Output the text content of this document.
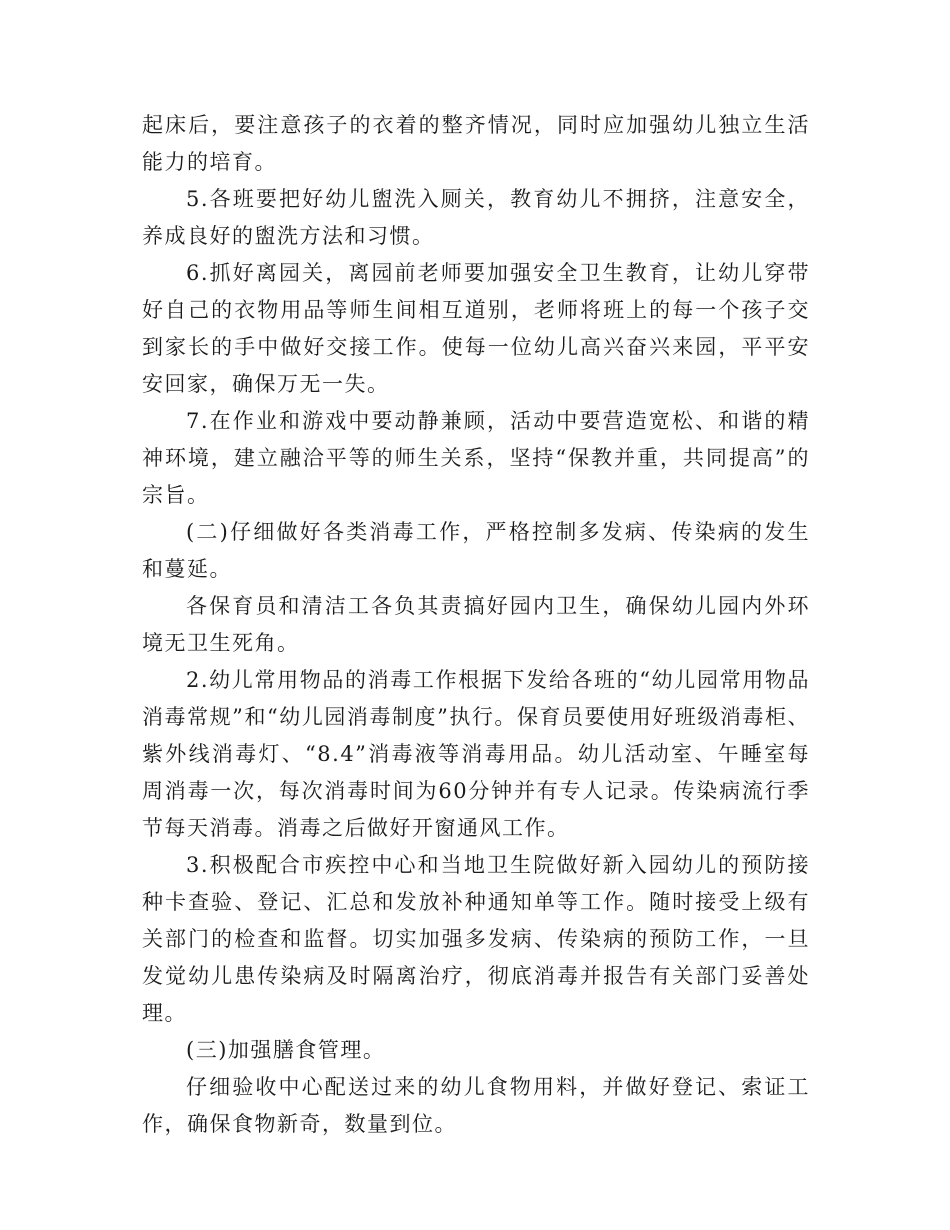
起床后，要注意孩子的衣着的整齐情况，同时应加强幼儿独立生活能力的培育。

5.各班要把好幼儿盥洗入厕关，教育幼儿不拥挤，注意安全，养成良好的盥洗方法和习惯。

6.抓好离园关，离园前老师要加强安全卫生教育，让幼儿穿带好自己的衣物用品等师生间相互道别，老师将班上的每一个孩子交到家长的手中做好交接工作。使每一位幼儿高兴奋兴来园，平平安安回家，确保万无一失。

7.在作业和游戏中要动静兼顾，活动中要营造宽松、和谐的精神环境，建立融洽平等的师生关系，坚持“保教并重，共同提高”的宗旨。

(二)仔细做好各类消毒工作，严格控制多发病、传染病的发生和蔓延。

各保育员和清洁工各负其责搞好园内卫生，确保幼儿园内外环境无卫生死角。

2.幼儿常用物品的消毒工作根据下发给各班的“幼儿园常用物品消毒常规”和“幼儿园消毒制度”执行。保育员要使用好班级消毒柜、紫外线消毒灯、“8.4”消毒液等消毒用品。幼儿活动室、午睡室每周消毒一次，每次消毒时间为60分钟并有专人记录。传染病流行季节每天消毒。消毒之后做好开窗通风工作。

3.积极配合市疾控中心和当地卫生院做好新入园幼儿的预防接种卡查验、登记、汇总和发放补种通知单等工作。随时接受上级有关部门的检查和监督。切实加强多发病、传染病的预防工作，一旦发觉幼儿患传染病及时隔离治疗，彻底消毒并报告有关部门妥善处理。

(三)加强膳食管理。

仔细验收中心配送过来的幼儿食物用料，并做好登记、索证工作，确保食物新奇，数量到位。
